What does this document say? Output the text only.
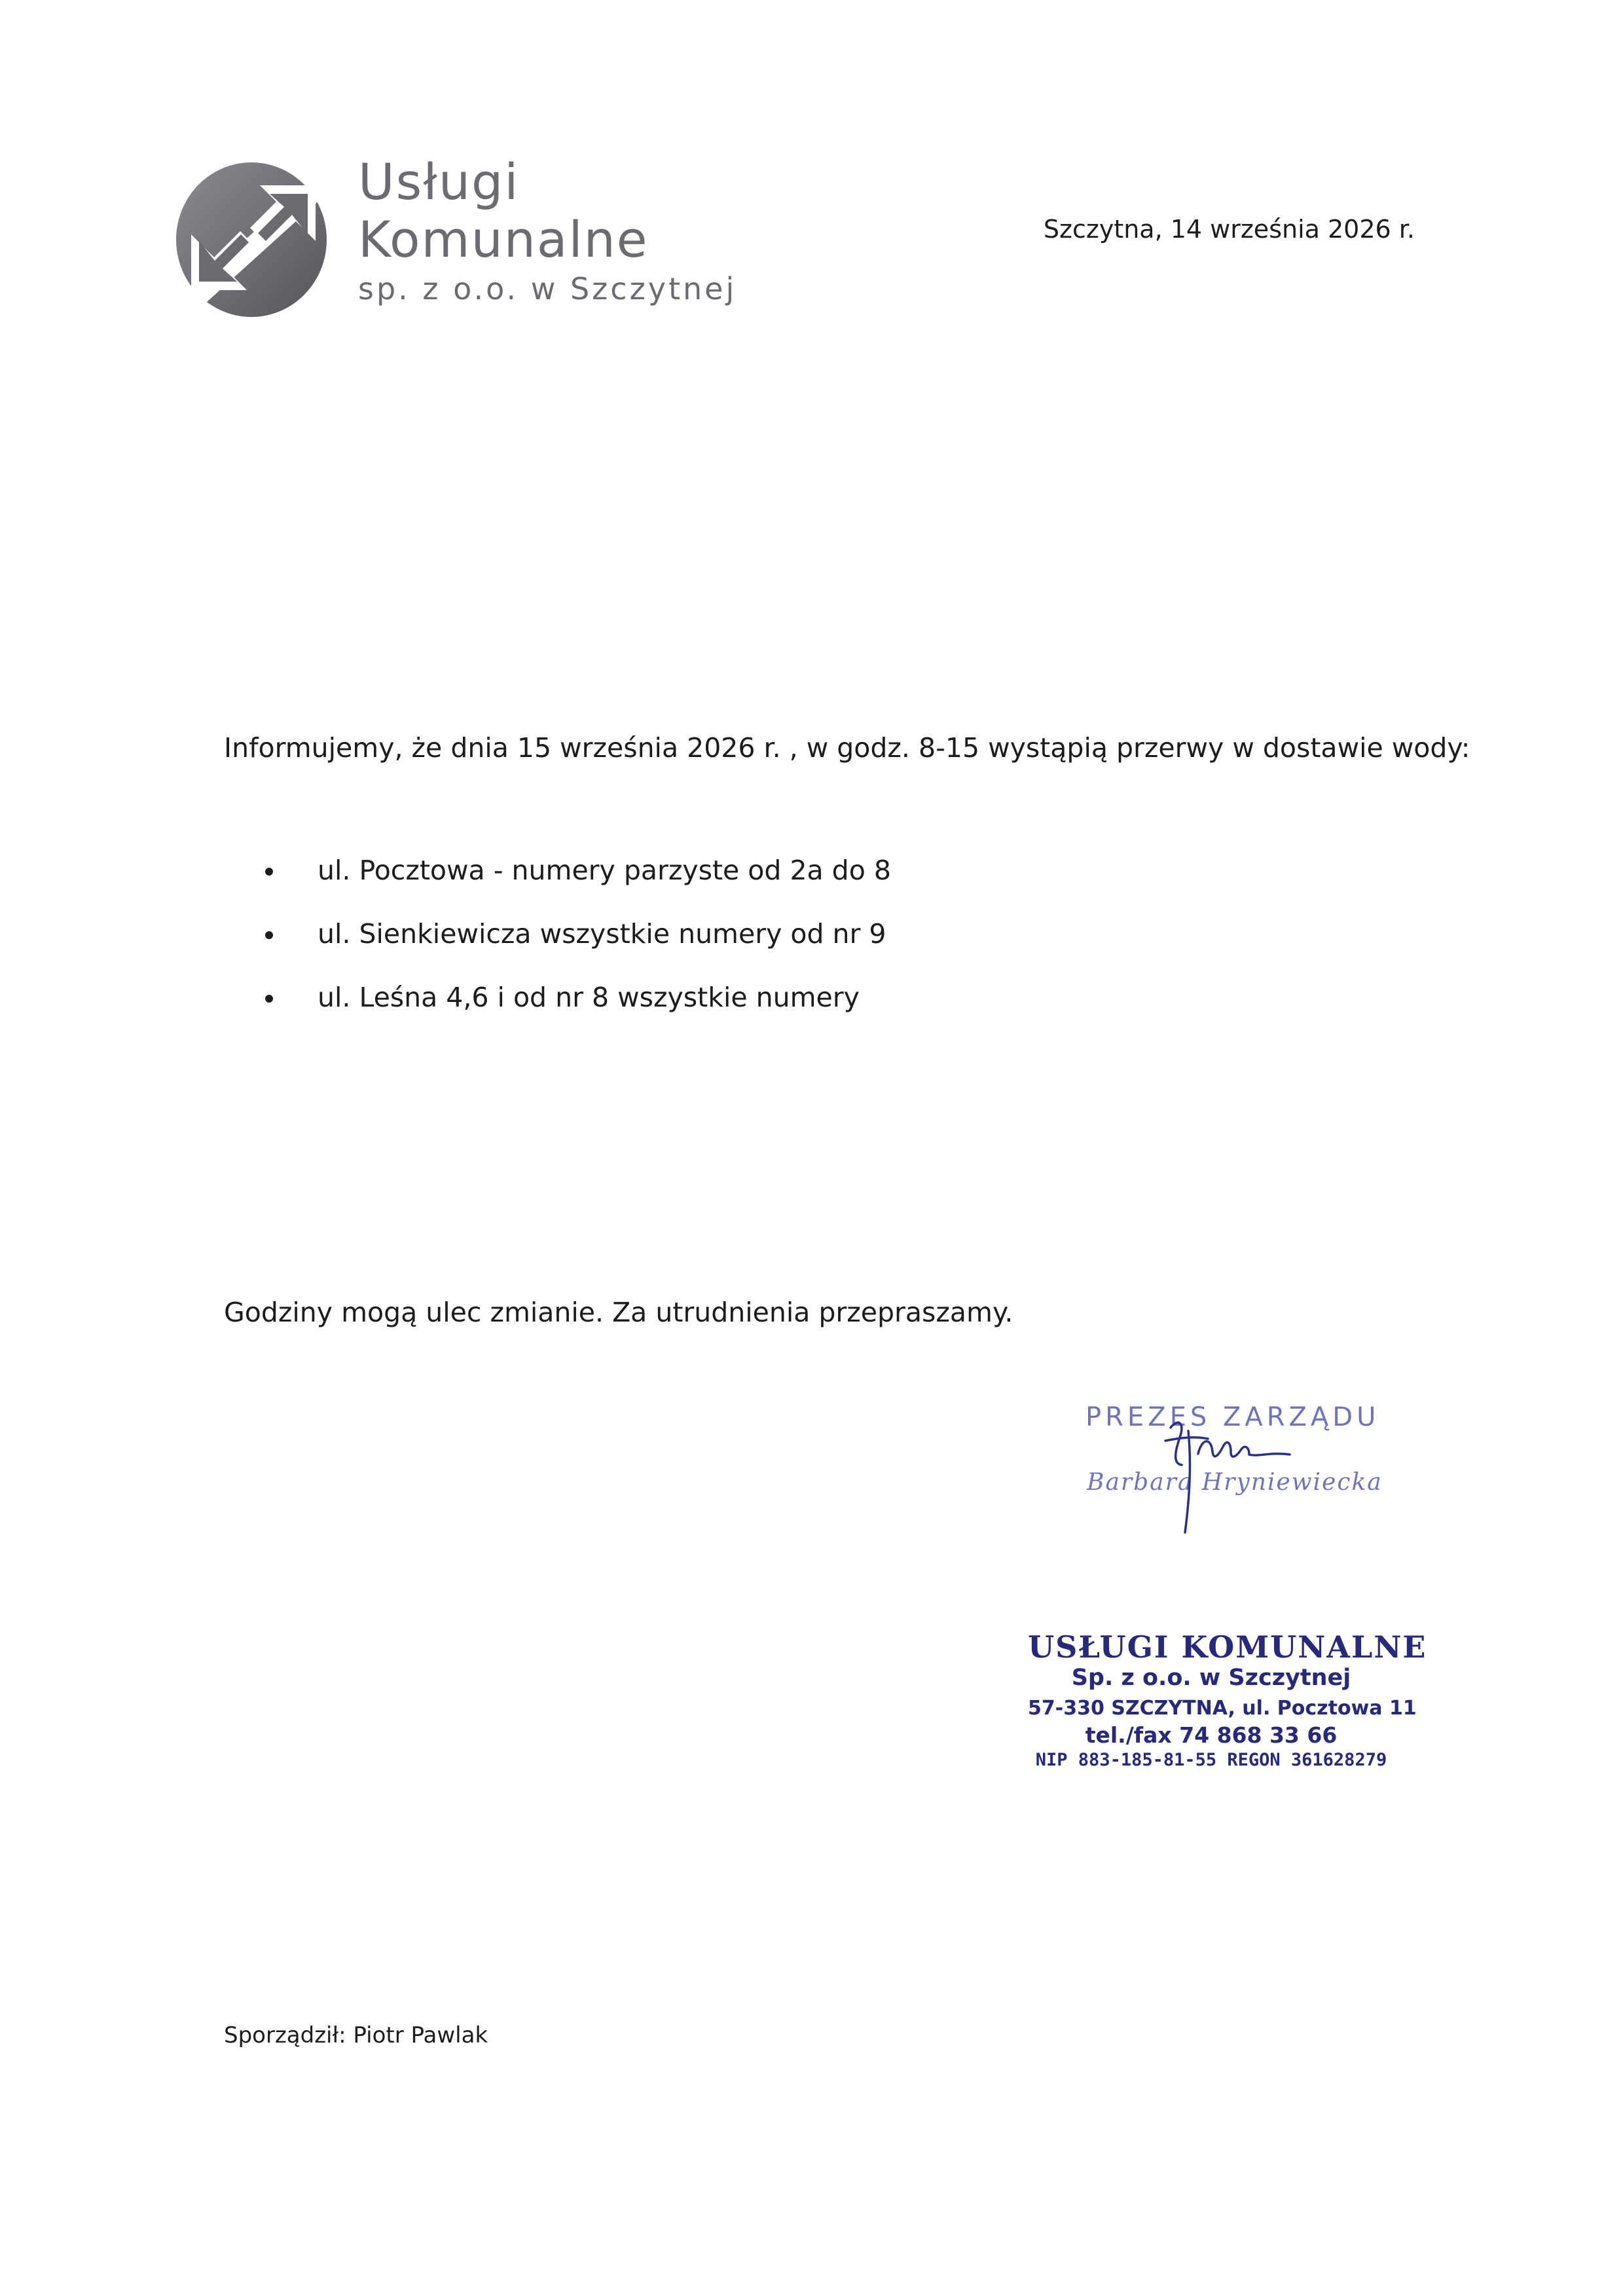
Usługi
Komunalne
sp. z o.o. w Szczytnej
Szczytna, 14 września 2026 r.
Informujemy, że dnia 15 września 2026 r. , w godz. 8-15 wystąpią przerwy w dostawie wody:
ul. Pocztowa - numery parzyste od 2a do 8
ul. Sienkiewicza wszystkie numery od nr 9
ul. Leśna 4,6 i od nr 8 wszystkie numery
Godziny mogą ulec zmianie. Za utrudnienia przepraszamy.
PREZES ZARZĄDU
Barbara Hryniewiecka
USŁUGI KOMUNALNE
Sp. z o.o. w Szczytnej
57-330 SZCZYTNA, ul. Pocztowa 11
tel./fax 74 868 33 66
NIP 883-185-81-55 REGON 361628279
Sporządził: Piotr Pawlak
